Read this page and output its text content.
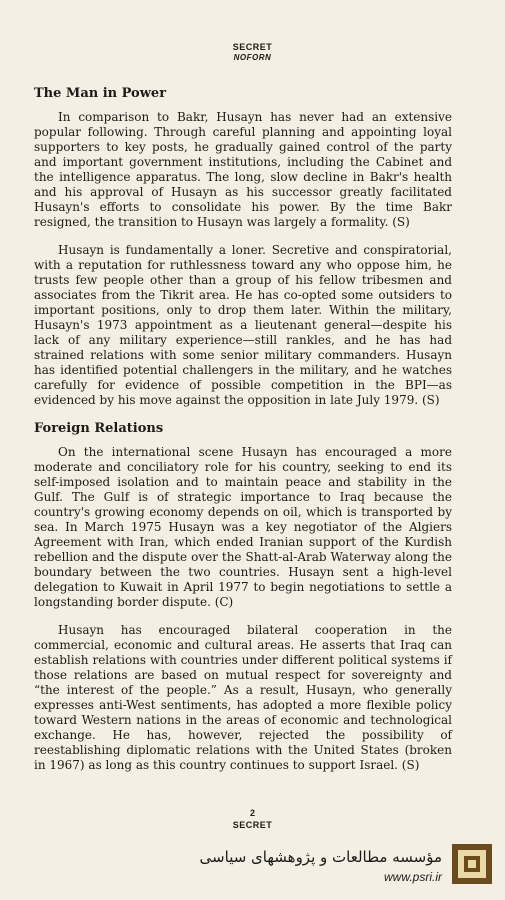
SECRET
NOFORN
The Man in Power

In comparison to Bakr, Husayn has never had an extensive popular following. Through careful planning and appointing loyal supporters to key posts, he gradually gained control of the party and important government institutions, including the Cabinet and the intelligence apparatus. The long, slow decline in Bakr's health and his approval of Husayn as his successor greatly facilitated Husayn's efforts to consolidate his power. By the time Bakr resigned, the transition to Husayn was largely a formality. (S)

Husayn is fundamentally a loner. Secretive and conspiratorial, with a reputation for ruthlessness toward any who oppose him, he trusts few people other than a group of his fellow tribesmen and associates from the Tikrit area. He has co-opted some outsiders to important positions, only to drop them later. Within the military, Husayn's 1973 appointment as a lieutenant general—despite his lack of any military experience—still rankles, and he has had strained relations with some senior military commanders. Husayn has identified potential challengers in the military, and he watches carefully for evidence of possible competition in the BPI—as evidenced by his move against the opposition in late July 1979. (S)

Foreign Relations

On the international scene Husayn has encouraged a more moderate and conciliatory role for his country, seeking to end its self-imposed isolation and to maintain peace and stability in the Gulf. The Gulf is of strategic importance to Iraq because the country's growing economy depends on oil, which is transported by sea. In March 1975 Husayn was a key negotiator of the Algiers Agreement with Iran, which ended Iranian support of the Kurdish rebellion and the dispute over the Shatt-al-Arab Waterway along the boundary between the two countries. Husayn sent a high-level delegation to Kuwait in April 1977 to begin negotiations to settle a longstanding border dispute. (C)

Husayn has encouraged bilateral cooperation in the commercial, economic and cultural areas. He asserts that Iraq can establish relations with countries under different political systems if those relations are based on mutual respect for sovereignty and “the interest of the people.” As a result, Husayn, who generally expresses anti-West sentiments, has adopted a more flexible policy toward Western nations in the areas of economic and technological exchange. He has, however, rejected the possibility of reestablishing diplomatic relations with the United States (broken in 1967) as long as this country continues to support Israel. (S)

2
SECRET
مؤسسه مطالعات و پژوهشهای سیاسی
www.psri.ir
